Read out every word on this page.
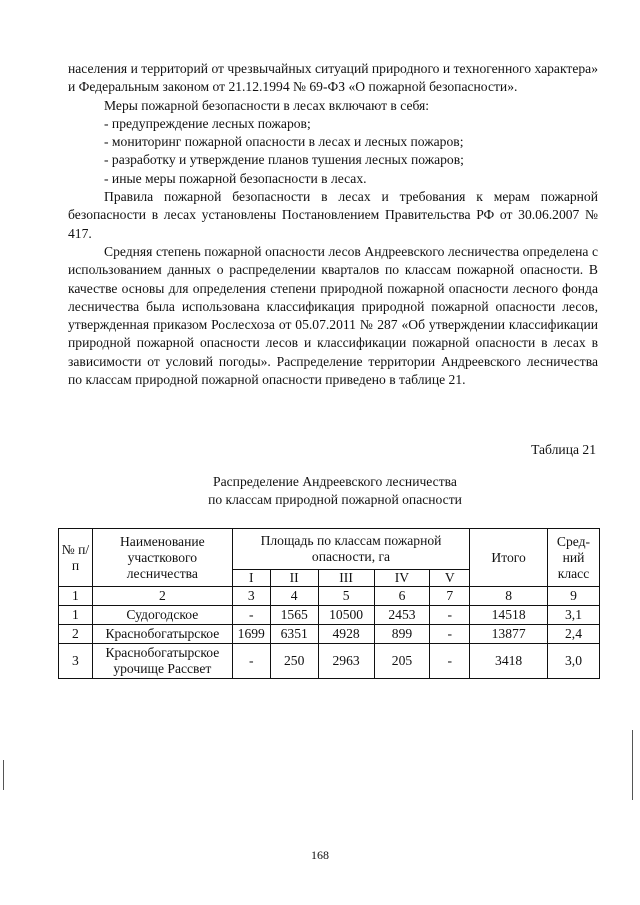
населения и территорий от чрезвычайных ситуаций природного и техногенного характера» и Федеральным законом от 21.12.1994 № 69-ФЗ «О пожарной безопасности».

Меры пожарной безопасности в лесах включают в себя:

- предупреждение лесных пожаров;

- мониторинг пожарной опасности в лесах и лесных пожаров;

- разработку и утверждение планов тушения лесных пожаров;

- иные меры пожарной безопасности в лесах.

Правила пожарной безопасности в лесах и требования к мерам пожарной безопасности в лесах установлены Постановлением Правительства РФ от 30.06.2007 № 417.

Средняя степень пожарной опасности лесов Андреевского лесничества определена с использованием данных о распределении кварталов по классам пожарной опасности. В качестве основы для определения степени природной пожарной опасности лесного фонда лесничества была использована классификация природной пожарной опасности лесов, утвержденная приказом Рослесхоза от 05.07.2011 № 287 «Об утверждении классификации природной пожарной опасности лесов и классификации пожарной опасности в лесах в зависимости от условий погоды». Распределение территории Андреевского лесничества по классам природной пожарной опасности приведено в таблице 21.

Таблица 21
Распределение Андреевского лесничества
по классам природной пожарной опасности
№ п/п	Наименование участкового лесничества	Площадь по классам пожарной опасности, га					Итого	Сред- ний класс
		I	II	III	IV	V		
1	2	3	4	5	6	7	8	9
1	Судогодское	-	1565	10500	2453	-	14518	3,1
2	Краснобогатырское	1699	6351	4928	899	-	13877	2,4
3	Краснобогатырское урочище Рассвет	-	250	2963	205	-	3418	3,0
168
